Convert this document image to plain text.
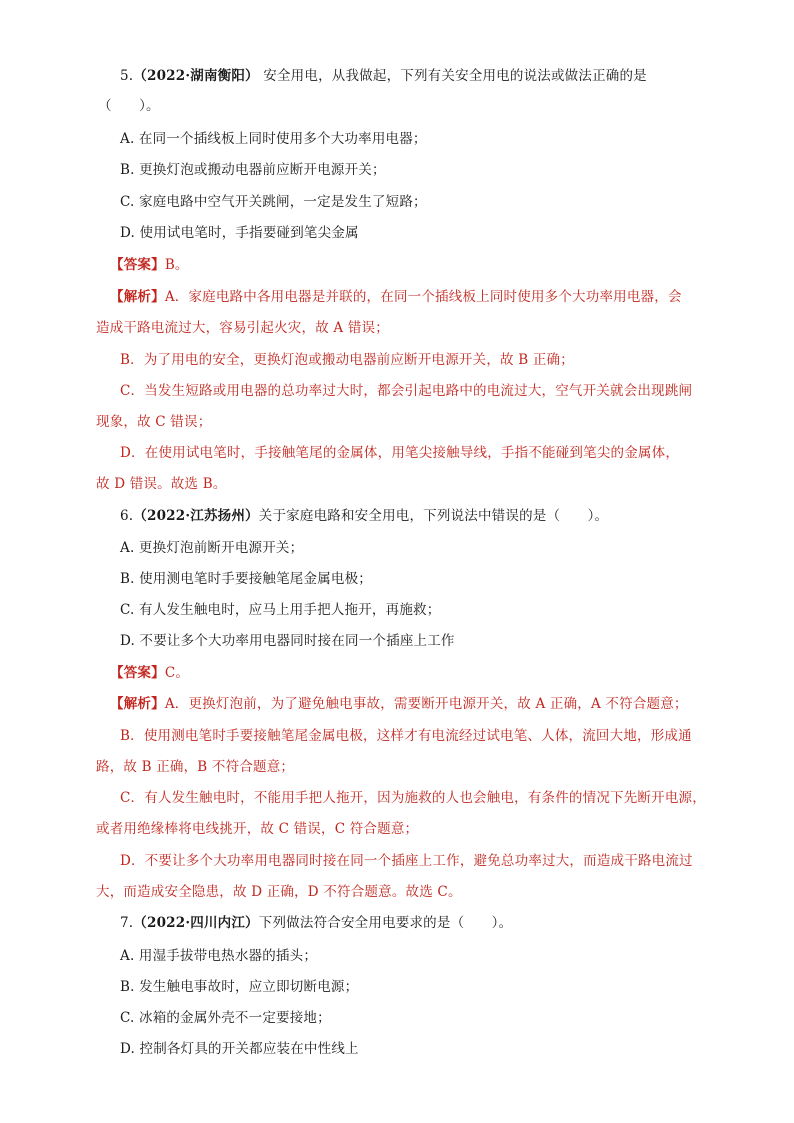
5.（2022·湖南衡阳） 安全用电，从我做起，下列有关安全用电的说法或做法正确的是
（　　）。
A. 在同一个插线板上同时使用多个大功率用电器；
B. 更换灯泡或搬动电器前应断开电源开关；
C. 家庭电路中空气开关跳闸，一定是发生了短路；
D. 使用试电笔时，手指要碰到笔尖金属
【答案】B。
【解析】A．家庭电路中各用电器是并联的，在同一个插线板上同时使用多个大功率用电器，会
造成干路电流过大，容易引起火灾，故 A 错误；
B．为了用电的安全，更换灯泡或搬动电器前应断开电源开关，故 B 正确；
C．当发生短路或用电器的总功率过大时，都会引起电路中的电流过大，空气开关就会出现跳闸
现象，故 C 错误；
D．在使用试电笔时，手接触笔尾的金属体，用笔尖接触导线，手指不能碰到笔尖的金属体，
故 D 错误。故选 B。
6.（2022·江苏扬州）关于家庭电路和安全用电，下列说法中错误的是（　　）。
A. 更换灯泡前断开电源开关；
B. 使用测电笔时手要接触笔尾金属电极；
C. 有人发生触电时，应马上用手把人拖开，再施救；
D. 不要让多个大功率用电器同时接在同一个插座上工作
【答案】C。
【解析】A．更换灯泡前，为了避免触电事故，需要断开电源开关，故 A 正确，A 不符合题意；
B．使用测电笔时手要接触笔尾金属电极，这样才有电流经过试电笔、人体，流回大地，形成通
路，故 B 正确，B 不符合题意；
C．有人发生触电时，不能用手把人拖开，因为施救的人也会触电，有条件的情况下先断开电源，
或者用绝缘棒将电线挑开，故 C 错误，C 符合题意；
D．不要让多个大功率用电器同时接在同一个插座上工作，避免总功率过大，而造成干路电流过
大，而造成安全隐患，故 D 正确，D 不符合题意。故选 C。
7.（2022·四川内江）下列做法符合安全用电要求的是（　　）。
A. 用湿手拔带电热水器的插头；
B. 发生触电事故时，应立即切断电源；
C. 冰箱的金属外壳不一定要接地；
D. 控制各灯具的开关都应装在中性线上
